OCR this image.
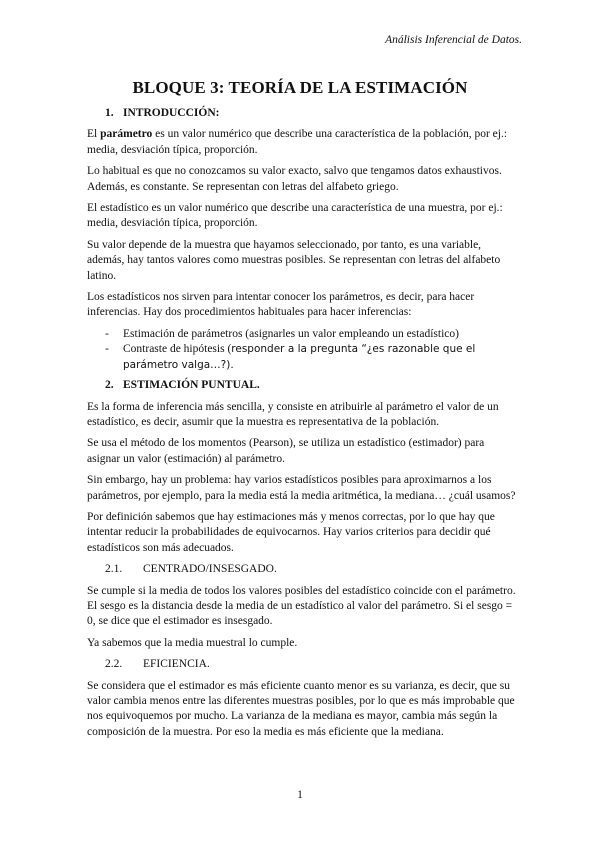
Análisis Inferencial de Datos.
BLOQUE 3: TEORÍA DE LA ESTIMACIÓN
1. INTRODUCCIÓN:

El parámetro es un valor numérico que describe una característica de la población, por ej.: media, desviación típica, proporción.

Lo habitual es que no conozcamos su valor exacto, salvo que tengamos datos exhaustivos. Además, es constante. Se representan con letras del alfabeto griego.

El estadístico es un valor numérico que describe una característica de una muestra, por ej.: media, desviación típica, proporción.

Su valor depende de la muestra que hayamos seleccionado, por tanto, es una variable, además, hay tantos valores como muestras posibles. Se representan con letras del alfabeto latino.

Los estadísticos nos sirven para intentar conocer los parámetros, es decir, para hacer inferencias. Hay dos procedimientos habituales para hacer inferencias:

- Estimación de parámetros (asignarles un valor empleando un estadístico)
- Contraste de hipótesis (responder a la pregunta “¿es razonable que el parámetro valga…?).
2. ESTIMACIÓN PUNTUAL.

Es la forma de inferencia más sencilla, y consiste en atribuirle al parámetro el valor de un estadístico, es decir, asumir que la muestra es representativa de la población.

Se usa el método de los momentos (Pearson), se utiliza un estadístico (estimador) para asignar un valor (estimación) al parámetro.

Sin embargo, hay un problema: hay varios estadísticos posibles para aproximarnos a los parámetros, por ejemplo, para la media está la media aritmética, la mediana… ¿cuál usamos?

Por definición sabemos que hay estimaciones más y menos correctas, por lo que hay que intentar reducir la probabilidades de equivocarnos. Hay varios criterios para decidir qué estadísticos son más adecuados.

2.1. CENTRADO/INSESGADO.

Se cumple si la media de todos los valores posibles del estadístico coincide con el parámetro. El sesgo es la distancia desde la media de un estadístico al valor del parámetro. Si el sesgo = 0, se dice que el estimador es insesgado.

Ya sabemos que la media muestral lo cumple.

2.2. EFICIENCIA.

Se considera que el estimador es más eficiente cuanto menor es su varianza, es decir, que su valor cambia menos entre las diferentes muestras posibles, por lo que es más improbable que nos equivoquemos por mucho. La varianza de la mediana es mayor, cambia más según la composición de la muestra. Por eso la media es más eficiente que la mediana.

1
